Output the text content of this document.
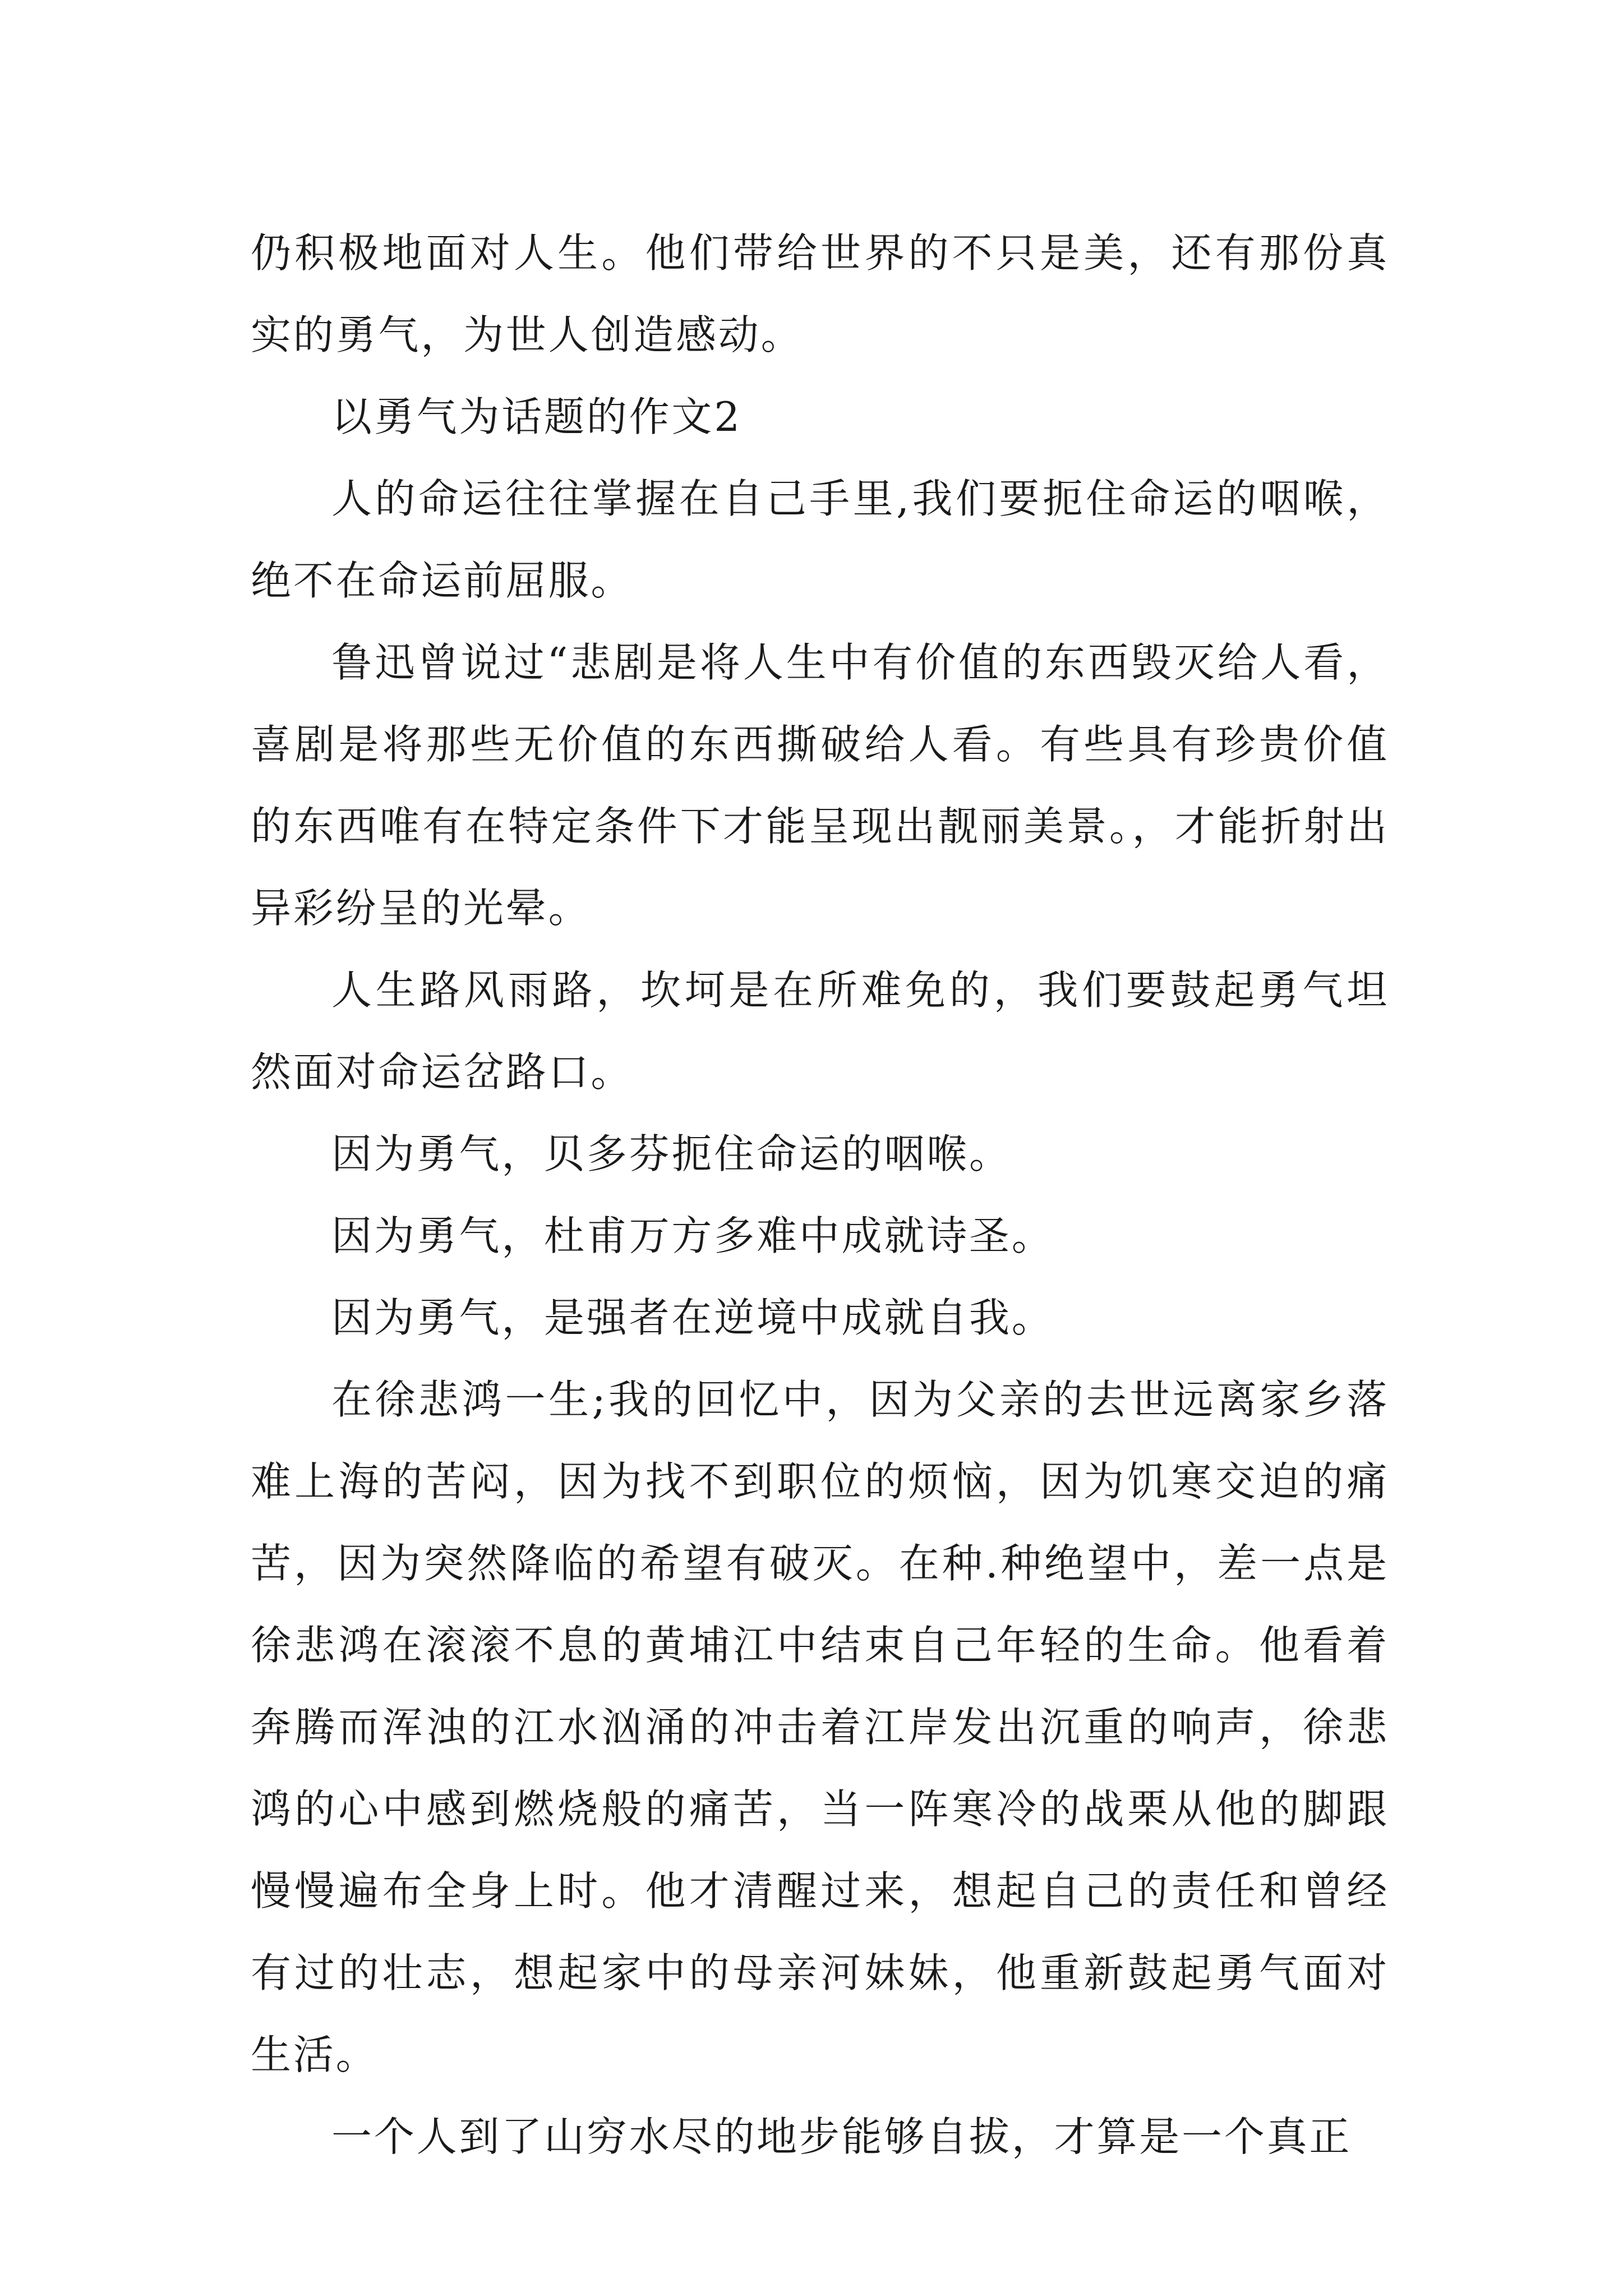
仍积极地面对人生。他们带给世界的不只是美，还有那份真实的勇气，为世人创造感动。

以勇气为话题的作文2

人的命运往往掌握在自己手里,我们要扼住命运的咽喉，绝不在命运前屈服。

鲁迅曾说过“悲剧是将人生中有价值的东西毁灭给人看，喜剧是将那些无价值的东西撕破给人看。有些具有珍贵价值的东西唯有在特定条件下才能呈现出靓丽美景。，才能折射出异彩纷呈的光晕。

人生路风雨路，坎坷是在所难免的，我们要鼓起勇气坦然面对命运岔路口。

因为勇气，贝多芬扼住命运的咽喉。

因为勇气，杜甫万方多难中成就诗圣。

因为勇气，是强者在逆境中成就自我。

在徐悲鸿一生;我的回忆中，因为父亲的去世远离家乡落难上海的苦闷，因为找不到职位的烦恼，因为饥寒交迫的痛苦，因为突然降临的希望有破灭。在种.种绝望中，差一点是徐悲鸿在滚滚不息的黄埔江中结束自己年轻的生命。他看着奔腾而浑浊的江水汹涌的冲击着江岸发出沉重的响声，徐悲鸿的心中感到燃烧般的痛苦，当一阵寒冷的战栗从他的脚跟慢慢遍布全身上时。他才清醒过来，想起自己的责任和曾经有过的壮志，想起家中的母亲河妹妹，他重新鼓起勇气面对生活。

一个人到了山穷水尽的地步能够自拔，才算是一个真正
